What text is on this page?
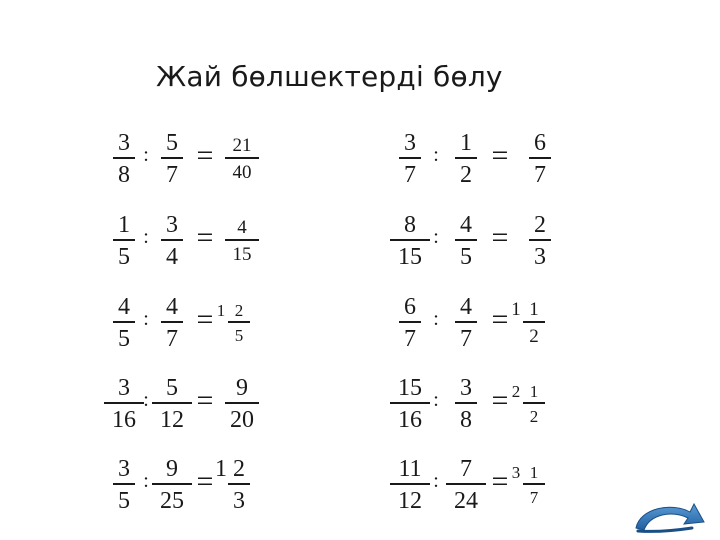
Жай бөлшектерді бөлу
3
8
: 5
7
= 21
40
1
5
: 3
4
= 4
15
4
5
: 4
7
= 1 2
5
3
16
: 5
12
= 9
20
3
5
: 9
25
= 1 2
3
3
7
: 1
2
= 6
7
8
15
: 4
5
= 2
3
6
7
: 4
7
= 1 1
2
15
16
: 3
8
= 2 1
2
11
12
: 7
24
= 3 1
7
